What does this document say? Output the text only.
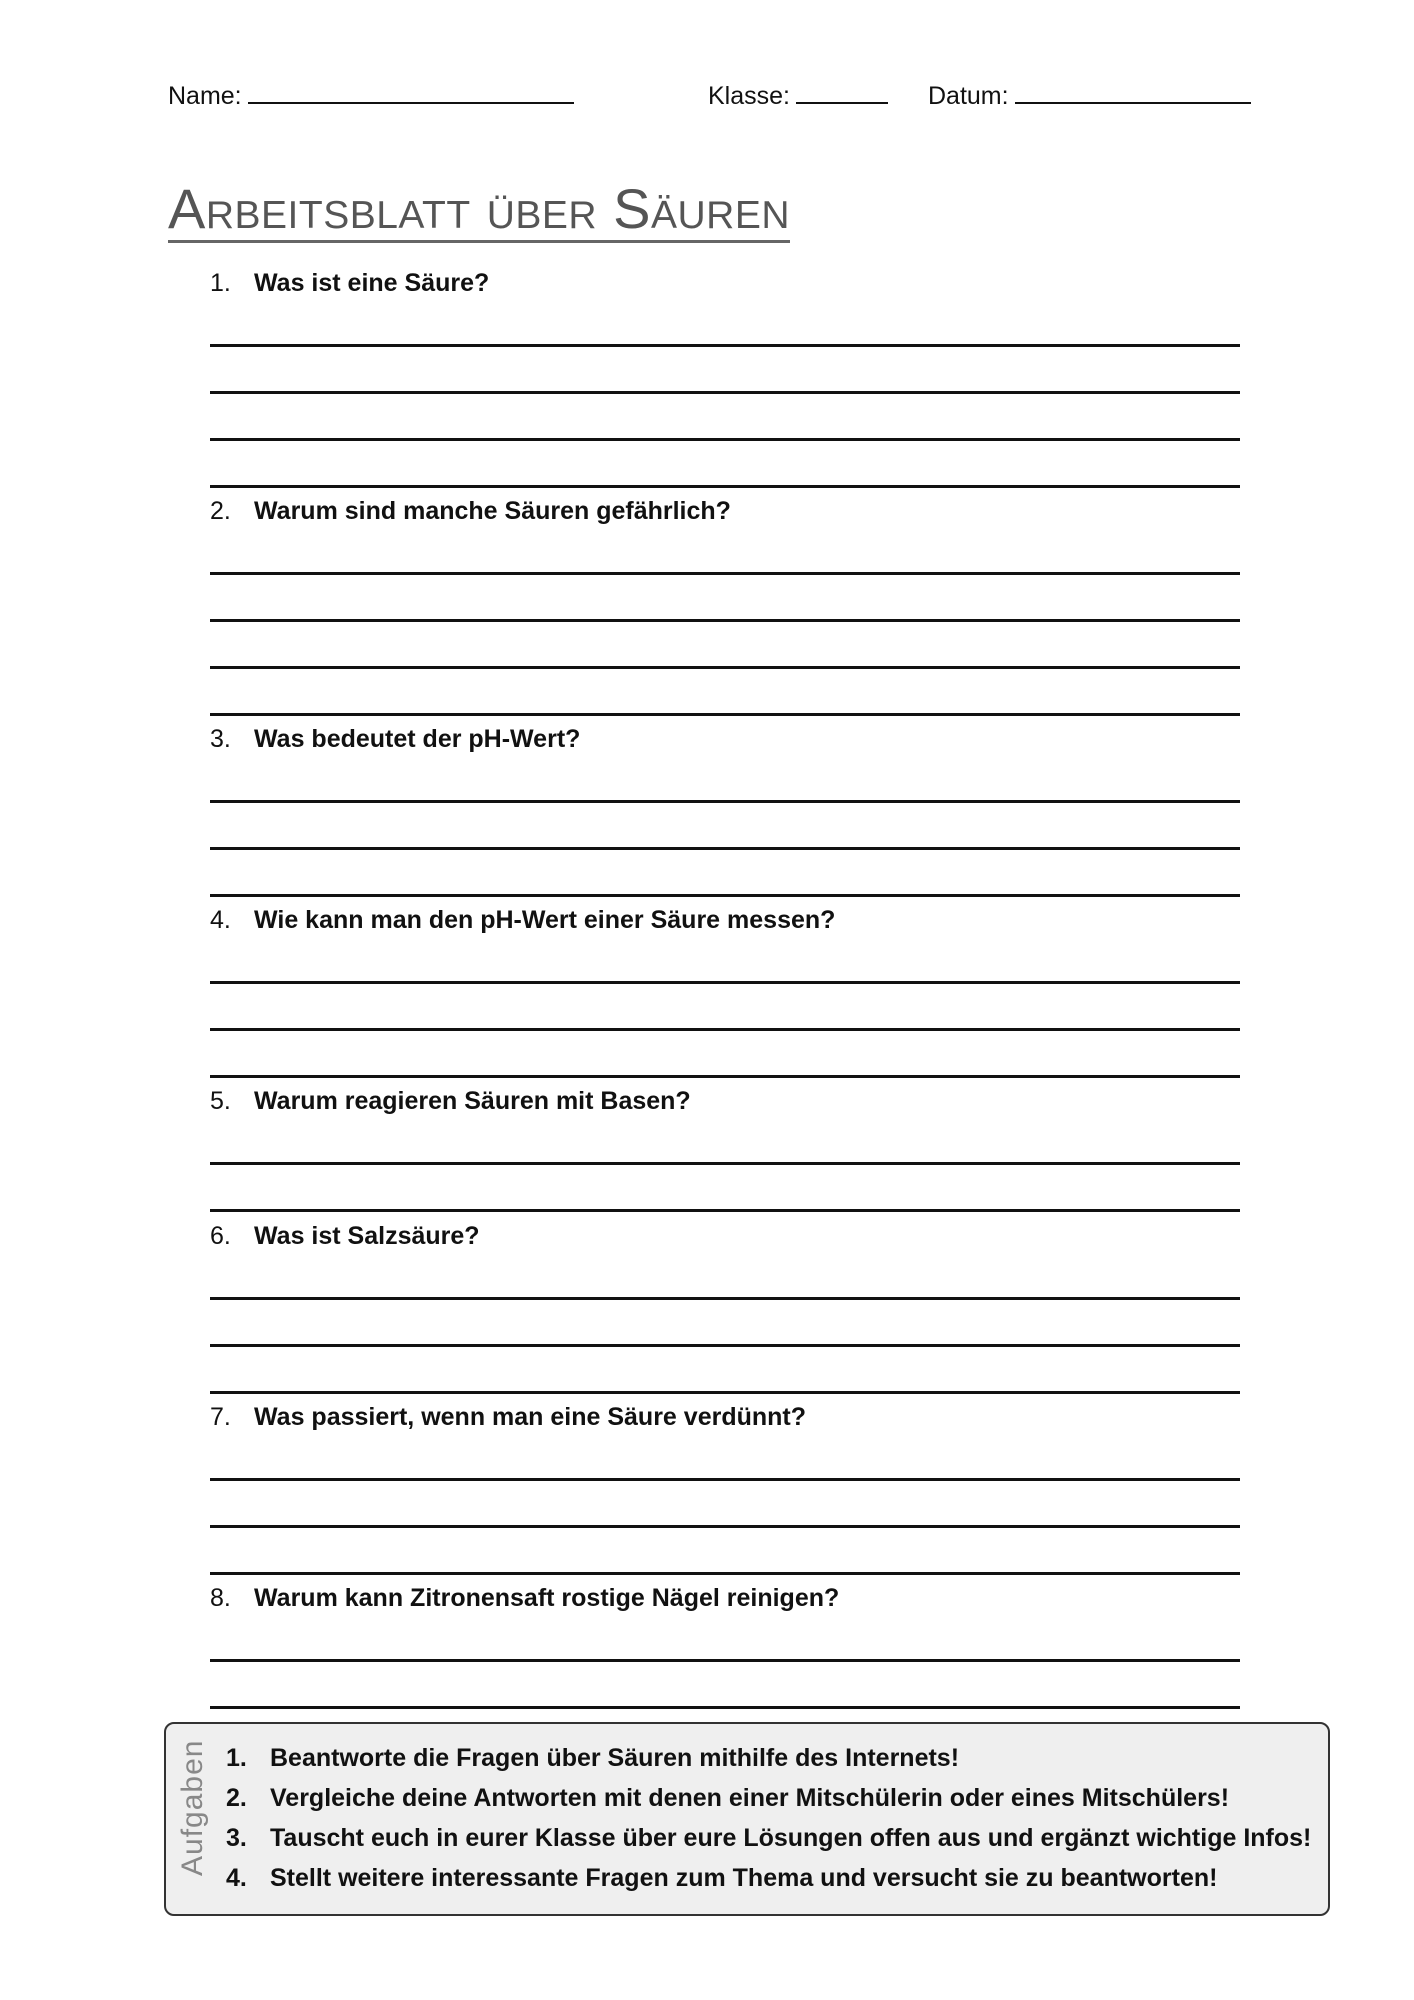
Name:	Klasse:	Datum:
Arbeitsblatt über Säuren
1. Was ist eine Säure?
2. Warum sind manche Säuren gefährlich?
3. Was bedeutet der pH-Wert?
4. Wie kann man den pH-Wert einer Säure messen?
5. Warum reagieren Säuren mit Basen?
6. Was ist Salzsäure?
7. Was passiert, wenn man eine Säure verdünnt?
8. Warum kann Zitronensaft rostige Nägel reinigen?
Aufgaben 1. Beantworte die Fragen über Säuren mithilfe des Internets!
2. Vergleiche deine Antworten mit denen einer Mitschülerin oder eines Mitschülers!
3. Tauscht euch in eurer Klasse über eure Lösungen offen aus und ergänzt wichtige Infos!
4. Stellt weitere interessante Fragen zum Thema und versucht sie zu beantworten!
